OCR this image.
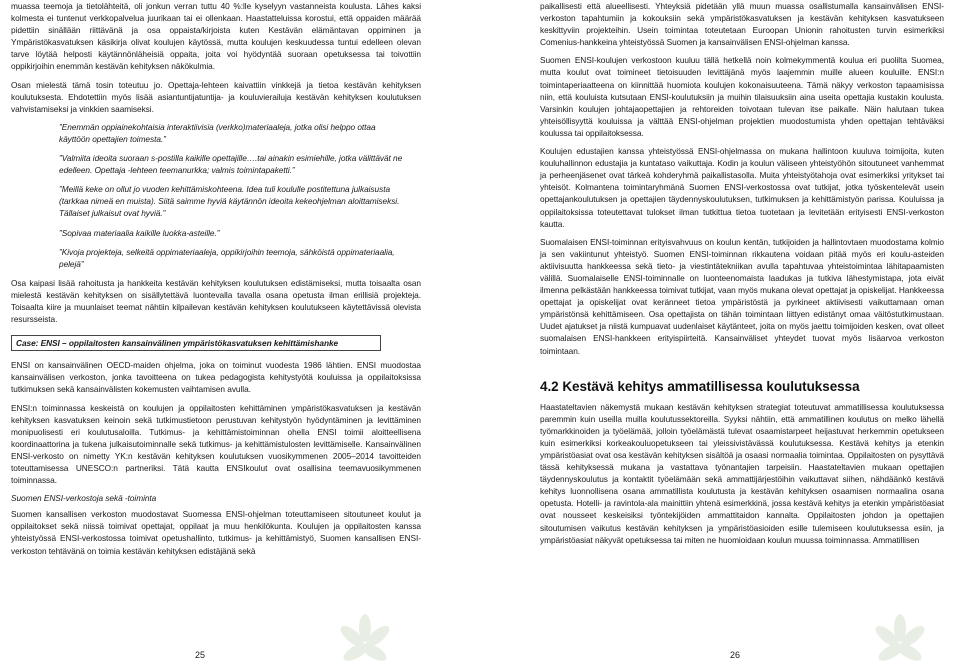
muassa teemoja ja tietolähteitä, oli jonkun verran tuttu 40 %:lle kyselyyn vastanneista koulusta. Lähes kaksi kolmesta ei tuntenut verkkopalvelua juurikaan tai ei ollenkaan. Haastatteluissa korostui, että oppaiden määrää pidettiin sinällään riittävänä ja osa oppaista/kirjoista kuten Kestävän elämäntavan oppiminen ja Ympäristökasvatuksen käsikirja olivat koulujen käytössä, mutta koulujen keskuudessa tuntui edelleen olevan tarve löytää helposti käytännönläheisiä oppaita, joita voi hyödyntää suoraan opetuksessa tai toivottiin oppikirjoihin enemmän kestävän kehityksen näkökulmia.

Osan mielestä tämä tosin toteutuu jo. Opettaja-lehteen kaivattiin vinkkejä ja tietoa kestävän kehityksen koulutuksesta. Ehdotettiin myös lisää asiantuntijatuntija- ja kouluvierailuja kestävän kehityksen koulutuksen vahvistamiseksi ja vinkkien saamiseksi.

”Enemmän oppiainekohtaisia interaktiivisia (verkko)materiaaleja, jotka olisi helppo ottaa käyttöön opettajien toimesta.”

”Valmiita ideoita suoraan s-postilla kaikille opettajille….tai ainakin esimiehille, jotka välittävät ne edelleen. Opettaja -lehteen teemanurkka; valmis toimintapaketti.”

”Meillä keke on ollut jo vuoden kehittämiskohteena. Idea tuli koululle postitettuna julkaisusta (tarkkaa nimeä en muista). Siitä saimme hyviä käytännön ideoita kekeohjelman aloittamiseksi. Tällaiset julkaisut ovat hyviä.”

”Sopivaa materiaalia kaikille luokka-asteille.”

”Kivoja projekteja, selkeitä oppimateriaaleja, oppikirjoihin teemoja, sähköistä oppimateriaalia, pelejä”

Osa kaipasi lisää rahoitusta ja hankkeita kestävän kehityksen koulutuksen edistämiseksi, mutta toisaalta osan mielestä kestävän kehityksen on sisällytettävä luontevalla tavalla osana opetusta ilman erillisiä projekteja. Toisaalta kiire ja muunlaiset teemat nähtiin kilpailevan kestävän kehityksen koulutukseen käytettävissä olevista resursseista.

Case: ENSI – oppilaitosten kansainvälinen ympäristökasvatuksen kehittämishanke

ENSI on kansainvälinen OECD-maiden ohjelma, joka on toiminut vuodesta 1986 lähtien. ENSI muodostaa kansainvälisen verkoston, jonka tavoitteena on tukea pedagogista kehitystyötä kouluissa ja oppilaitoksissa tutkimuksen sekä kansainvälisten kokemusten vaihtamisen avulla.

ENSI:n toiminnassa keskeistä on koulujen ja oppilaitosten kehittäminen ympäristökasvatuksen ja kestävän kehityksen kasvatuksen keinoin sekä tutkimustietoon perustuvan kehitystyön hyödyntäminen ja levittäminen monipuolisesti eri koulutusaloilla. Tutkimus- ja kehittämistoiminnan ohella ENSI toimii aloitteellisena koordinaattorina ja tukena julkaisutoiminnalle sekä tutkimus- ja kehittämistulosten levittämiselle. Kansainvälinen ENSI-verkosto on nimetty YK:n kestävän kehityksen koulutuksen vuosikymmenen 2005–2014 tavoitteiden toteuttamisessa UNESCO:n partneriksi. Tätä kautta ENSIkoulut ovat osallisina teemavuosikymmenen toiminnassa.

Suomen ENSI-verkostoja sekä -toiminta

Suomen kansallisen verkoston muodostavat Suomessa ENSI-ohjelman toteuttamiseen sitoutuneet koulut ja oppilaitokset sekä niissä toimivat opettajat, oppilaat ja muu henkilökunta. Koulujen ja oppilaitosten kanssa yhteistyössä ENSI-verkostossa toimivat opetushallinto, tutkimus- ja kehittämistyö, Suomen kansallisen ENSI-verkoston tehtävänä on toimia kestävän kehityksen edistäjänä sekä

25

paikallisesti että alueellisesti. Yhteyksiä pidetään yllä muun muassa osallistumalla kansainvälisen ENSI-verkoston tapahtumiin ja kokouksiin sekä ympäristökasvatuksen ja kestävän kehityksen kasvatukseen keskittyviin projekteihin. Usein toimintaa toteutetaan Euroopan Unionin rahoitusten turvin esimerkiksi Comenius-hankkeina yhteistyössä Suomen ja kansainvälisen ENSI-ohjelman kanssa.

Suomen ENSI-koulujen verkostoon kuuluu tällä hetkellä noin kolmekymmentä koulua eri puolilta Suomea, mutta koulut ovat toimineet tietoisuuden levittäjänä myös laajemmin muille alueen kouluille. ENSI:n toimintaperiaatteena on kiinnittää huomiota koulujen kokonaisuuteena. Tämä näkyy verkoston tapaamisissa niin, että kouluista kutsutaan ENSI-koulutuksiin ja muihin tilaisuuksiin aina useita opettajia kustakin koulusta. Varsinkin koulujen johtajaopettajien ja rehtoreiden toivotaan tulevan itse paikalle. Näin halutaan tukea yhteisöllisyyttä kouluissa ja välttää ENSI-ohjelman projektien muodostumista yhden opettajan tehtäväksi koulussa tai oppilaitoksessa.

Koulujen edustajien kanssa yhteistyössä ENSI-ohjelmassa on mukana hallintoon kuuluva toimijoita, kuten kouluhallinnon edustajia ja kuntataso vaikuttaja. Kodin ja koulun väliseen yhteistyöhön sitoutuneet vanhemmat ja perheenjäsenet ovat tärkeä kohderyhmä paikallistasolla. Muita yhteistyötahoja ovat esimerkiksi yritykset tai yhteisöt. Kolmantena toimintaryhmänä Suomen ENSI-verkostossa ovat tutkijat, jotka työskentelevät usein opettajankoulutuksen ja opettajien täydennyskoulutuksen, tutkimuksen ja kehittämistyön parissa. Kouluissa ja oppilaitoksissa toteutettavat tulokset ilman tutkittua tietoa tuotetaan ja levitetään erityisesti ENSI-verkoston kautta.

Suomalaisen ENSI-toiminnan erityisvahvuus on koulun kentän, tutkijoiden ja hallintovtaen muodostama kolmio ja sen vakiintunut yhteistyö. Suomen ENSI-toiminnan rikkautena voidaan pitää myös eri koulu-asteiden aktiivisuutta hankkeessa sekä tieto- ja viestintätekniikan avulla tapahtuvaa yhteistoimintaa lähitapaamisten välillä. Suomalaiselle ENSI-toiminnalle on luonteenomaista laadukas ja tutkiva lähestymistapa, jota eivät ilmenna pelkästään hankkeessa toimivat tutkijat, vaan myös mukana olevat opettajat ja opiskelijat. Hankkeessa opettajat ja opiskelijat ovat keränneet tietoa ympäristöstä ja pyrkineet aktiivisesti vaikuttamaan oman ympäristönsä kehittämiseen. Osa opettajista on tähän toimintaan liittyen edistänyt omaa väitöstutkimustaan. Uudet ajatukset ja niistä kumpuavat uudenlaiset käytänteet, joita on myös jaettu toimijoiden kesken, ovat olleet suomalaisen ENSI-hankkeen erityispiirteitä. Kansainväliset yhteydet tuovat myös lisäarvoa verkoston toimintaan.

4.2 Kestävä kehitys ammatillisessa koulutuksessa

Haastateltavien näkemystä mukaan kestävän kehityksen strategiat toteutuvat ammatillisessa koulutuksessa paremmin kuin useilla muilla koulutussektoreilla. Syyksi nähtiin, että ammatillinen koulutus on melko lähellä työmarkkinoiden ja työelämää, jolloin työelämästä tulevat osaamistarpeet heijastuvat herkemmin opetukseen kuin esimerkiksi korkeakouluopetukseen tai yleissivistävässä koulutuksessa. Kestävä kehitys ja etenkin ympäristöasiat ovat osa kestävän kehityksen sisältöä ja osaasi normaalia toimintaa. Oppilaitosten on pysyttävä tässä kehityksessä mukana ja vastattava työnantajien tarpeisiin. Haastateltavien mukaan opettajien täydennyskoulutus ja kontaktit työelämään sekä ammattijärjestöihin vaikuttavat siihen, nähdäänkö kestävä kehitys luonnollisena osana ammatillista koulutusta ja kestävän kehityksen osaamisen normaalina osana opetusta. Hotelli- ja ravintola-ala mainittiin yhtenä esimerkkinä, jossa kestävä kehitys ja etenkin ympäristöasiat ovat nousseet keskeisiksi työntekijöiden ammattitaidon kannalta. Oppilaitosten johdon ja opettajien sitoutumisen vaikutus kestävän kehityksen ja ympäristöasioiden esille tulemiseen koulutuksessa esiin, ja ympäristöasiat näkyvät opetuksessa tai miten ne huomioidaan koulun muussa toiminnassa. Ammatillisen

26
